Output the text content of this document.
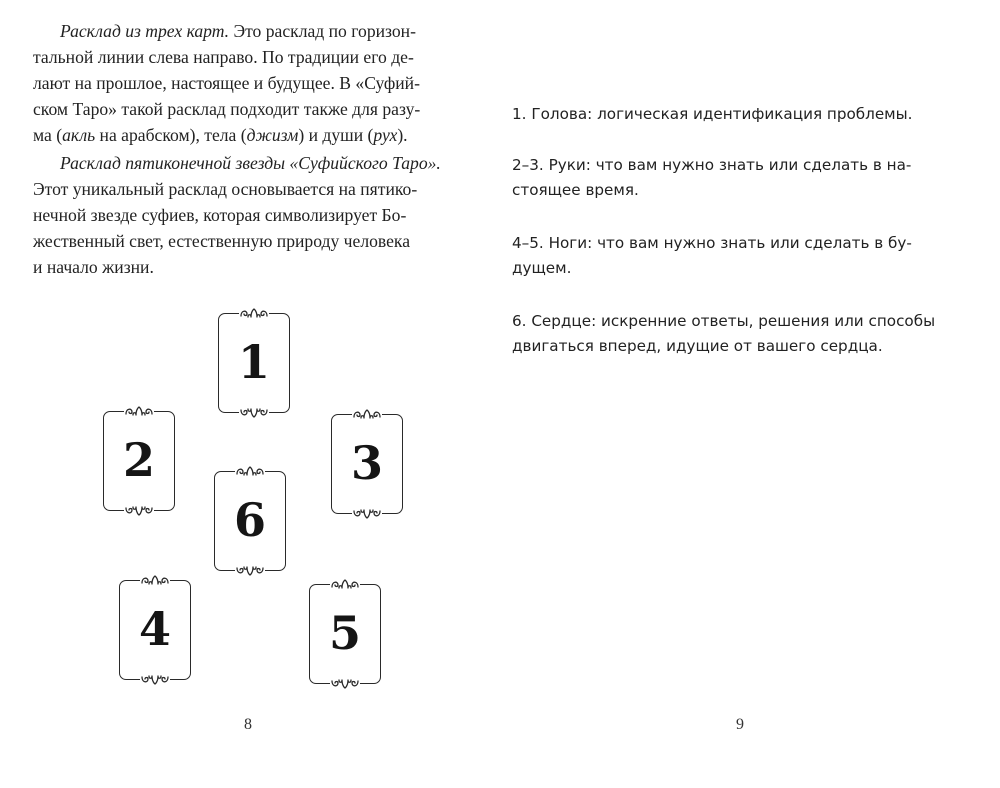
Расклад из трех карт. Это расклад по горизон-

тальной линии слева направо. По традиции его де-

лают на прошлое, настоящее и будущее. В «Суфий-

ском Таро» такой расклад подходит также для разу-

ма (акль на арабском), тела (джизм) и души (рух).

Расклад пятиконечной звезды «Суфийского Таро».

Этот уникальный расклад основывается на пятико-

нечной звезде суфиев, которая символизирует Бо-

жественный свет, естественную природу человека

и начало жизни.

1
2	3
4	5
6
8

1. Голова: логическая идентификация проблемы.

2–3. Руки: что вам нужно знать или сделать в на-

стоящее время.

4–5. Ноги: что вам нужно знать или сделать в бу-

дущем.

6. Сердце: искренние ответы, решения или способы

двигаться вперед, идущие от вашего сердца.

9
